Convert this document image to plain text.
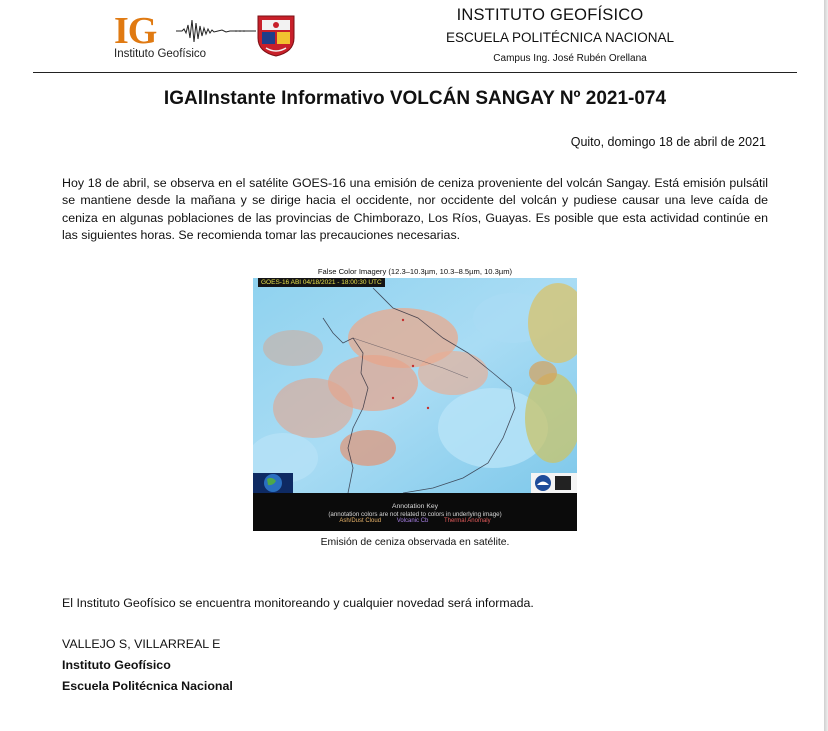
IG
Instituto Geofísico
INSTITUTO GEOFÍSICO
ESCUELA POLITÉCNICA NACIONAL
Campus Ing. José Rubén Orellana
IGAlInstante Informativo VOLCÁN SANGAY Nº 2021-074
Quito, domingo 18 de abril de 2021
Hoy 18 de abril, se observa en el satélite GOES-16 una emisión de ceniza proveniente del volcán Sangay. Está emisión pulsátil se mantiene desde la mañana y se dirige hacia el occidente, nor occidente del volcán y pudiese causar una leve caída de ceniza en algunas poblaciones de las provincias de Chimborazo, Los Ríos, Guayas. Es posible que esta actividad continúe en las siguientes horas. Se recomienda tomar las precauciones necesarias.
False Color Imagery (12.3–10.3µm, 10.3–8.5µm, 10.3µm)
GOES-16 ABI 04/18/2021 - 18:00:30 UTC
Annotation Key
(annotation colors are not related to colors in underlying image)
Ash/Dust Cloud	Volcanic Cb	Thermal Anomaly
Emisión de ceniza observada en satélite.
El Instituto Geofísico se encuentra monitoreando y cualquier novedad será informada.
VALLEJO S, VILLARREAL E
Instituto Geofísico
Escuela Politécnica Nacional
